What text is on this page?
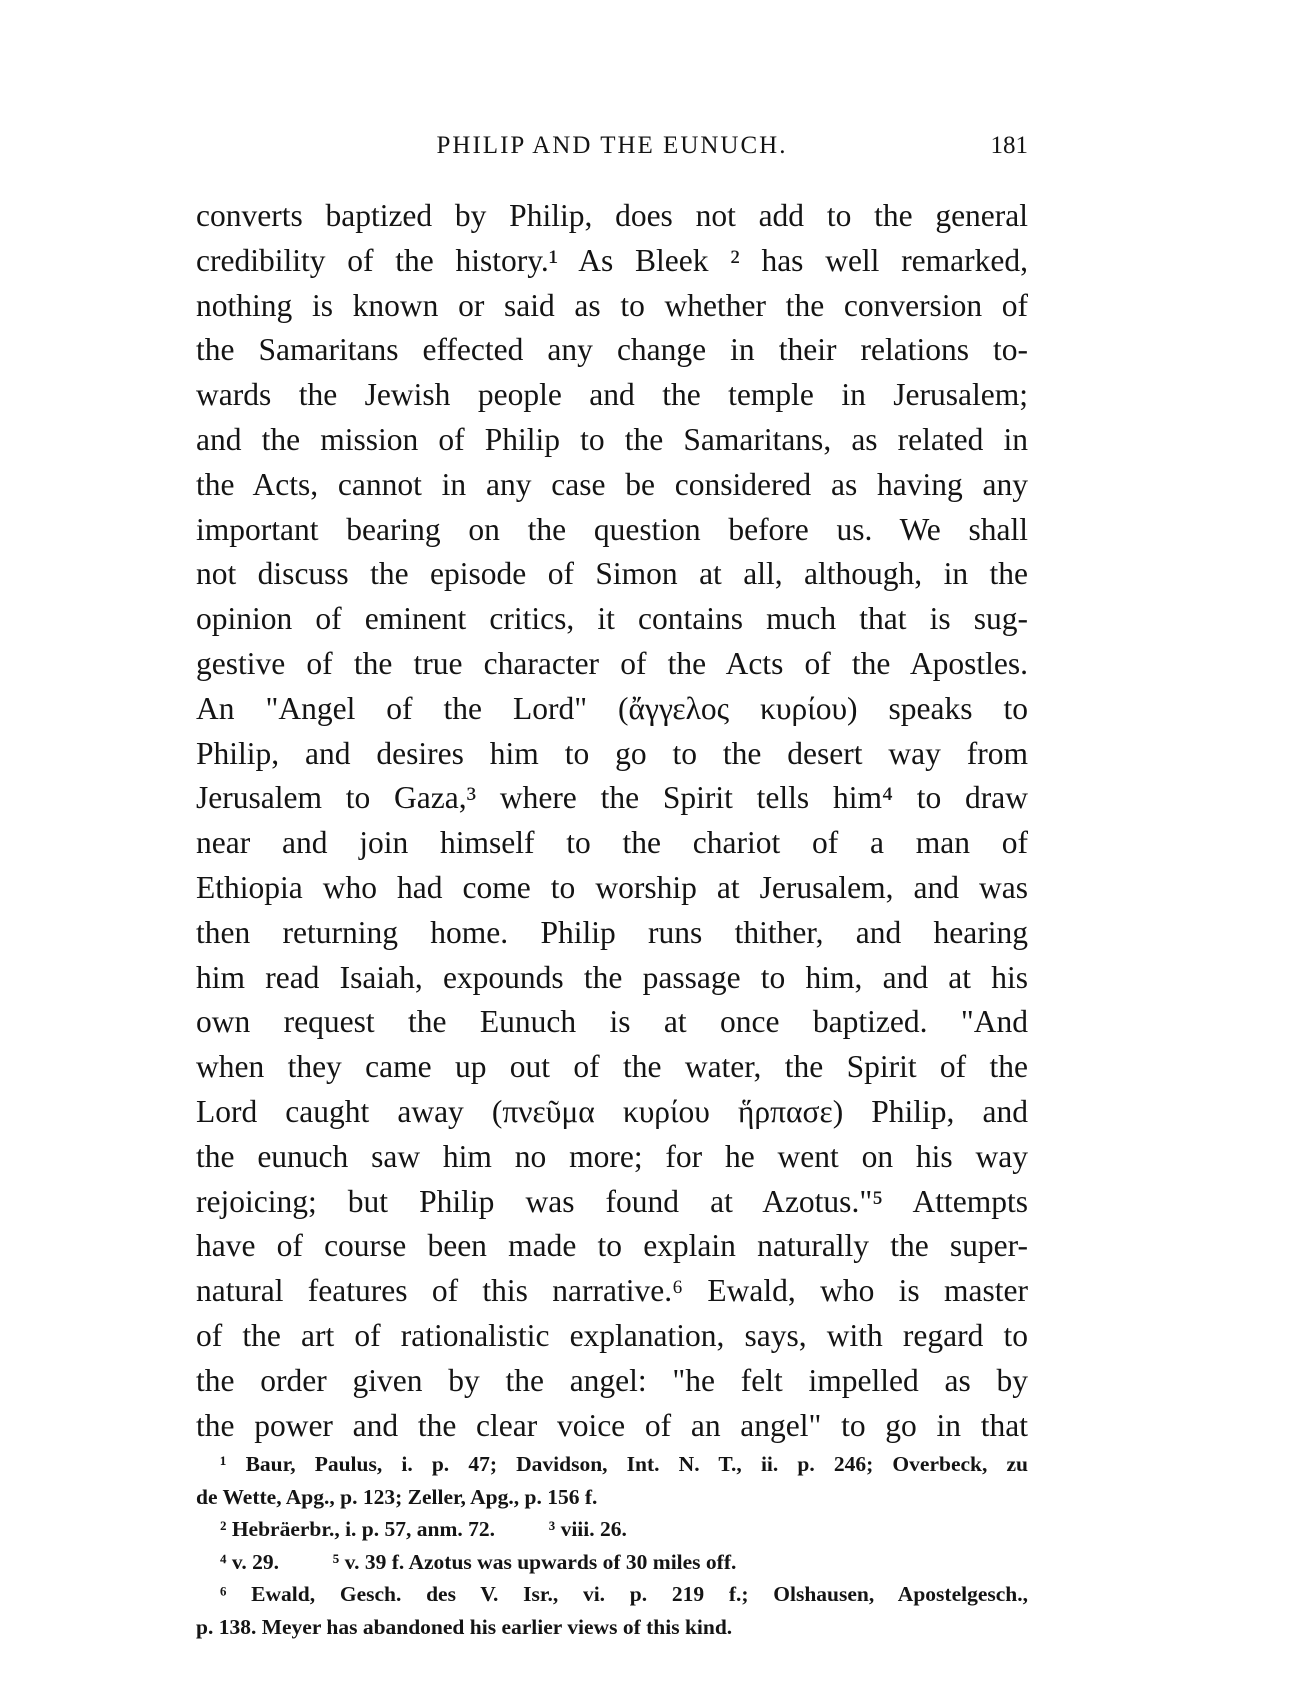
PHILIP AND THE EUNUCH.	181
converts baptized by Philip, does not add to the general
credibility of the history.¹ As Bleek ² has well remarked,
nothing is known or said as to whether the conversion of
the Samaritans effected any change in their relations to-
wards the Jewish people and the temple in Jerusalem;
and the mission of Philip to the Samaritans, as related in
the Acts, cannot in any case be considered as having any
important bearing on the question before us. We shall
not discuss the episode of Simon at all, although, in the
opinion of eminent critics, it contains much that is sug-
gestive of the true character of the Acts of the Apostles.
An "Angel of the Lord" (ἄγγελος κυρίου) speaks to
Philip, and desires him to go to the desert way from
Jerusalem to Gaza,³ where the Spirit tells him⁴ to draw
near and join himself to the chariot of a man of
Ethiopia who had come to worship at Jerusalem, and was
then returning home. Philip runs thither, and hearing
him read Isaiah, expounds the passage to him, and at his
own request the Eunuch is at once baptized. "And
when they came up out of the water, the Spirit of the
Lord caught away (πνεῦμα κυρίου ἥρπασε) Philip, and
the eunuch saw him no more; for he went on his way
rejoicing; but Philip was found at Azotus."⁵ Attempts
have of course been made to explain naturally the super-
natural features of this narrative.⁶ Ewald, who is master
of the art of rationalistic explanation, says, with regard to
the order given by the angel: "he felt impelled as by
the power and the clear voice of an angel" to go in that
¹ Baur, Paulus, i. p. 47; Davidson, Int. N. T., ii. p. 246; Overbeck, zu
de Wette, Apg., p. 123; Zeller, Apg., p. 156 f.
² Hebräerbr., i. p. 57, anm. 72.          ³ viii. 26.
⁴ v. 29.          ⁵ v. 39 f. Azotus was upwards of 30 miles off.
⁶ Ewald, Gesch. des V. Isr., vi. p. 219 f.; Olshausen, Apostelgesch.,
p. 138. Meyer has abandoned his earlier views of this kind.
